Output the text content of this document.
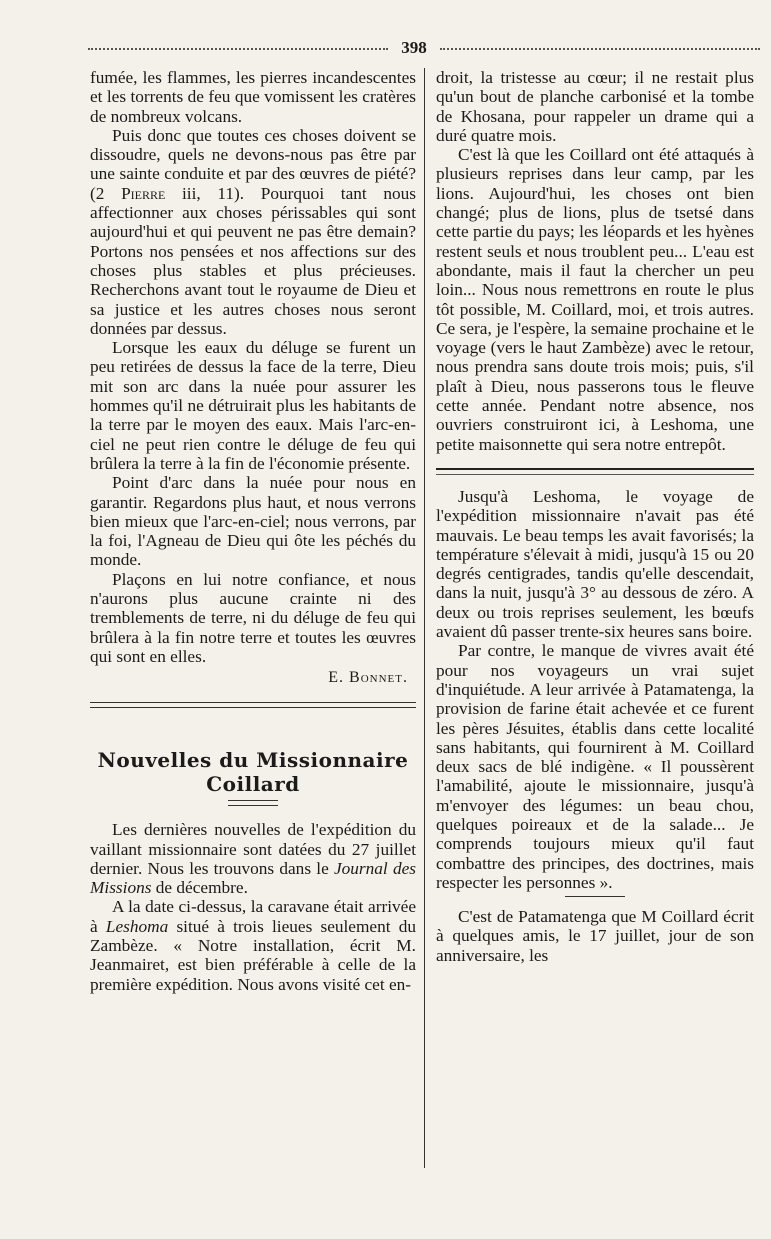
398

fumée, les flammes, les pierres incandescentes et les torrents de feu que vomissent les cratères de nombreux volcans.

Puis donc que toutes ces choses doivent se dissoudre, quels ne devons-nous pas être par une sainte conduite et par des œuvres de piété? (2 Pierre iii, 11). Pourquoi tant nous affectionner aux choses périssables qui sont aujourd'hui et qui peuvent ne pas être demain? Portons nos pensées et nos affections sur des choses plus stables et plus précieuses. Recherchons avant tout le royaume de Dieu et sa justice et les autres choses nous seront données par dessus.

Lorsque les eaux du déluge se furent un peu retirées de dessus la face de la terre, Dieu mit son arc dans la nuée pour assurer les hommes qu'il ne détruirait plus les habitants de la terre par le moyen des eaux. Mais l'arc-en-ciel ne peut rien contre le déluge de feu qui brûlera la terre à la fin de l'économie présente.

Point d'arc dans la nuée pour nous en garantir. Regardons plus haut, et nous verrons bien mieux que l'arc-en-ciel; nous verrons, par la foi, l'Agneau de Dieu qui ôte les péchés du monde.

Plaçons en lui notre confiance, et nous n'aurons plus aucune crainte ni des tremblements de terre, ni du déluge de feu qui brûlera à la fin notre terre et toutes les œuvres qui sont en elles.

E. Bonnet.
Nouvelles du Missionnaire Coillard

Les dernières nouvelles de l'expédition du vaillant missionnaire sont datées du 27 juillet dernier. Nous les trouvons dans le Journal des Missions de décembre.

A la date ci-dessus, la caravane était arrivée à Leshoma situé à trois lieues seulement du Zambèze. « Notre installation, écrit M. Jeanmairet, est bien préférable à celle de la première expédition. Nous avons visité cet en-

droit, la tristesse au cœur; il ne restait plus qu'un bout de planche carbonisé et la tombe de Khosana, pour rappeler un drame qui a duré quatre mois.

C'est là que les Coillard ont été attaqués à plusieurs reprises dans leur camp, par les lions. Aujourd'hui, les choses ont bien changé; plus de lions, plus de tsetsé dans cette partie du pays; les léopards et les hyènes restent seuls et nous troublent peu... L'eau est abondante, mais il faut la chercher un peu loin... Nous nous remettrons en route le plus tôt possible, M. Coillard, moi, et trois autres. Ce sera, je l'espère, la semaine prochaine et le voyage (vers le haut Zambèze) avec le retour, nous prendra sans doute trois mois; puis, s'il plaît à Dieu, nous passerons tous le fleuve cette année. Pendant notre absence, nos ouvriers construiront ici, à Leshoma, une petite maisonnette qui sera notre entrepôt.

Jusqu'à Leshoma, le voyage de l'expédition missionnaire n'avait pas été mauvais. Le beau temps les avait favorisés; la température s'élevait à midi, jusqu'à 15 ou 20 degrés centigrades, tandis qu'elle descendait, dans la nuit, jusqu'à 3° au dessous de zéro. A deux ou trois reprises seulement, les bœufs avaient dû passer trente-six heures sans boire.

Par contre, le manque de vivres avait été pour nos voyageurs un vrai sujet d'inquiétude. A leur arrivée à Patamatenga, la provision de farine était achevée et ce furent les pères Jésuites, établis dans cette localité sans habitants, qui fournirent à M. Coillard deux sacs de blé indigène. « Il poussèrent l'amabilité, ajoute le missionnaire, jusqu'à m'envoyer des légumes: un beau chou, quelques poireaux et de la salade... Je comprends toujours mieux qu'il faut combattre des principes, des doctrines, mais respecter les personnes ».

C'est de Patamatenga que M Coillard écrit à quelques amis, le 17 juillet, jour de son anniversaire, les
